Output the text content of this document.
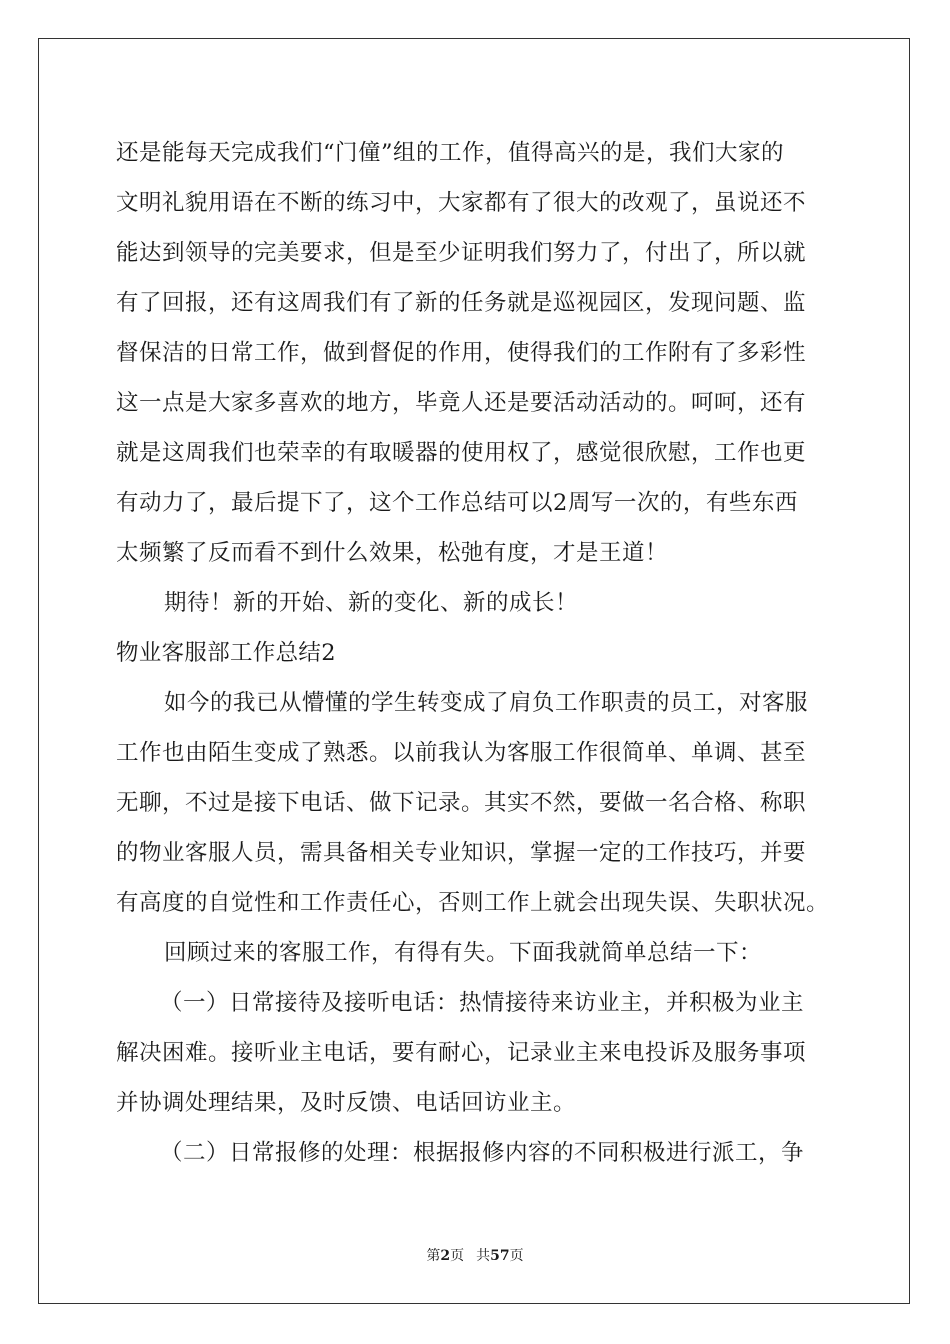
还是能每天完成我们“门僮”组的工作，值得高兴的是，我们大家的
文明礼貌用语在不断的练习中，大家都有了很大的改观了，虽说还不
能达到领导的完美要求，但是至少证明我们努力了，付出了，所以就
有了回报，还有这周我们有了新的任务就是巡视园区，发现问题、监
督保洁的日常工作，做到督促的作用，使得我们的工作附有了多彩性
这一点是大家多喜欢的地方，毕竟人还是要活动活动的。呵呵，还有
就是这周我们也荣幸的有取暖器的使用权了，感觉很欣慰，工作也更
有动力了，最后提下了，这个工作总结可以2周写一次的，有些东西
太频繁了反而看不到什么效果，松弛有度，才是王道！
期待！新的开始、新的变化、新的成长！
物业客服部工作总结2
如今的我已从懵懂的学生转变成了肩负工作职责的员工，对客服
工作也由陌生变成了熟悉。以前我认为客服工作很简单、单调、甚至
无聊，不过是接下电话、做下记录。其实不然，要做一名合格、称职
的物业客服人员，需具备相关专业知识，掌握一定的工作技巧，并要
有高度的自觉性和工作责任心，否则工作上就会出现失误、失职状况。
回顾过来的客服工作，有得有失。下面我就简单总结一下：
（一）日常接待及接听电话：热情接待来访业主，并积极为业主
解决困难。接听业主电话，要有耐心，记录业主来电投诉及服务事项
并协调处理结果，及时反馈、电话回访业主。
（二）日常报修的处理：根据报修内容的不同积极进行派工，争
第2页 共57页
